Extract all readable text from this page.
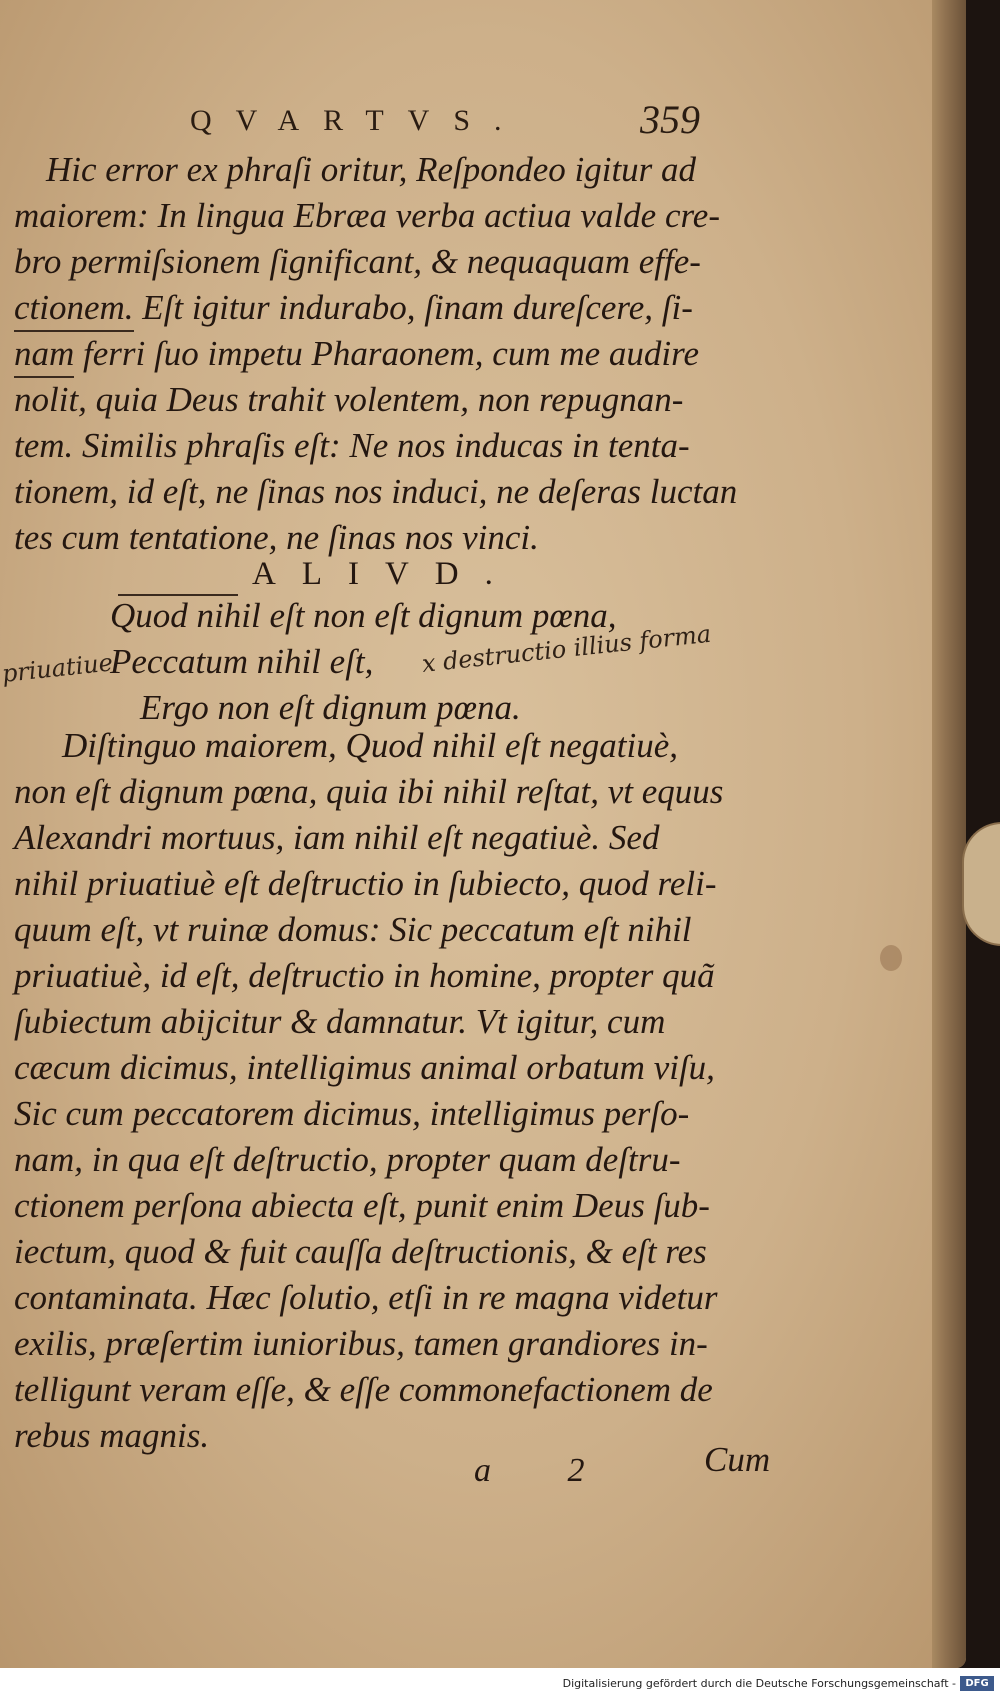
QVARTVS.	359
Hic error ex phraſi oritur, Reſpondeo igitur ad
maiorem: In lingua Ebræa verba actiua valde cre-
bro permiſsionem ſignificant, & nequaquam effe-
ctionem. Eſt igitur indurabo, ſinam dureſcere, ſi-
nam ferri ſuo impetu Pharaonem, cum me audire
nolit, quia Deus trahit volentem, non repugnan-
tem. Similis phraſis eſt: Ne nos inducas in tenta-
tionem, id eſt, ne ſinas nos induci, ne deſeras luctan
tes cum tentatione, ne ſinas nos vinci.
ALIVD.
Quod nihil eſt non eſt dignum pœna,
Peccatum nihil eſt,
Ergo non eſt dignum pœna.
priuatiue	x destructio illius forma
Diſtinguo maiorem, Quod nihil eſt negatiuè,
non eſt dignum pœna, quia ibi nihil reſtat, vt equus
Alexandri mortuus, iam nihil eſt negatiuè. Sed
nihil priuatiuè eſt deſtructio in ſubiecto, quod reli-
quum eſt, vt ruinæ domus: Sic peccatum eſt nihil
priuatiuè, id eſt, deſtructio in homine, propter quã
ſubiectum abijcitur & damnatur. Vt igitur, cum
cæcum dicimus, intelligimus animal orbatum viſu,
Sic cum peccatorem dicimus, intelligimus perſo-
nam, in qua eſt deſtructio, propter quam deſtru-
ctionem perſona abiecta eſt, punit enim Deus ſub-
iectum, quod & fuit cauſſa deſtructionis, & eſt res
contaminata. Hæc ſolutio, etſi in re magna videtur
exilis, præſertim iunioribus, tamen grandiores in-
telligunt veram eſſe, & eſſe commonefactionem de
rebus magnis.
a 2 Cum
Digitalisierung gefördert durch die Deutsche Forschungsgemeinschaft - DFG
